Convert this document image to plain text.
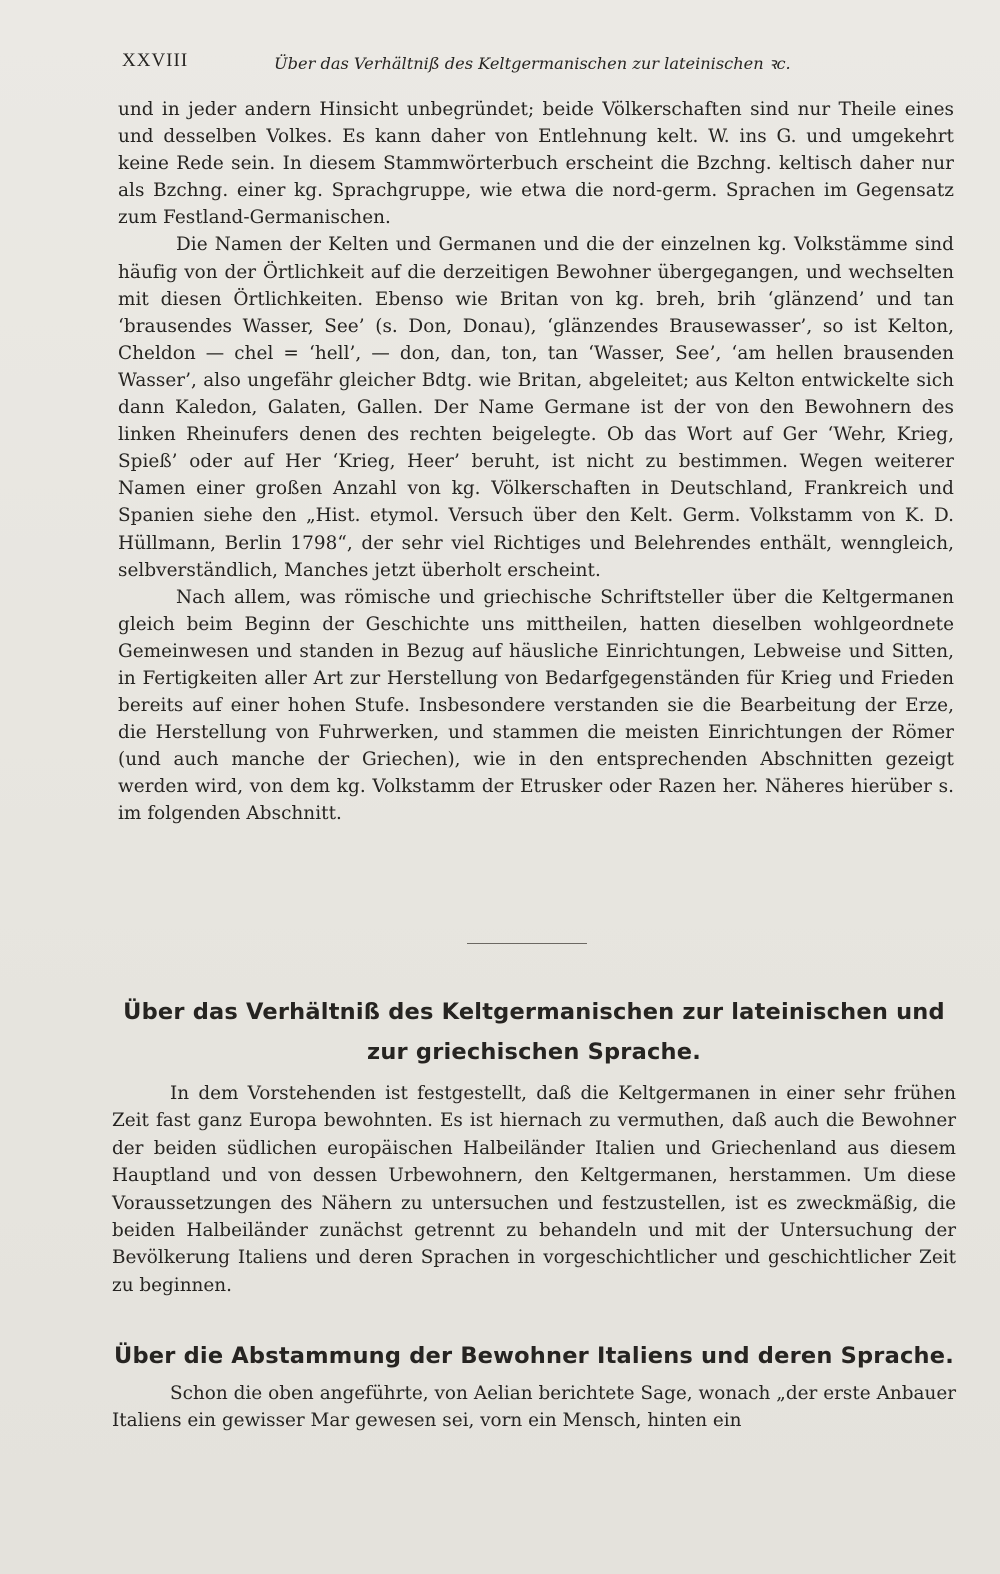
XXVIII	Über das Verhältniß des Keltgermanischen zur lateinischen ꝛc.

und in jeder andern Hinsicht unbegründet; beide Völkerschaften sind nur Theile eines und desselben Volkes. Es kann daher von Entlehnung kelt. W. ins G. und umgekehrt keine Rede sein. In diesem Stammwörterbuch erscheint die Bzchng. keltisch daher nur als Bzchng. einer kg. Sprachgruppe, wie etwa die nord-germ. Sprachen im Gegensatz zum Festland-Germanischen.

Die Namen der Kelten und Germanen und die der einzelnen kg. Volkstämme sind häufig von der Örtlichkeit auf die derzeitigen Bewohner übergegangen, und wechselten mit diesen Örtlichkeiten. Ebenso wie Britan von kg. breh, brih ‘glänzend’ und tan ‘brausendes Wasser, See’ (s. Don, Donau), ‘glänzendes Brausewasser’, so ist Kelton, Cheldon — chel = ‘hell’, — don, dan, ton, tan ‘Wasser, See’, ‘am hellen brausenden Wasser’, also ungefähr gleicher Bdtg. wie Britan, abgeleitet; aus Kelton entwickelte sich dann Kaledon, Galaten, Gallen. Der Name Germane ist der von den Bewohnern des linken Rheinufers denen des rechten beigelegte. Ob das Wort auf Ger ‘Wehr, Krieg, Spieß’ oder auf Her ‘Krieg, Heer’ beruht, ist nicht zu bestimmen. Wegen weiterer Namen einer großen Anzahl von kg. Völkerschaften in Deutschland, Frankreich und Spanien siehe den „Hist. etymol. Versuch über den Kelt. Germ. Volkstamm von K. D. Hüllmann, Berlin 1798“, der sehr viel Richtiges und Belehrendes enthält, wenngleich, selbverständlich, Manches jetzt überholt erscheint.

Nach allem, was römische und griechische Schriftsteller über die Keltgermanen gleich beim Beginn der Geschichte uns mittheilen, hatten dieselben wohlgeordnete Gemeinwesen und standen in Bezug auf häusliche Einrichtungen, Lebweise und Sitten, in Fertigkeiten aller Art zur Herstellung von Bedarfgegenständen für Krieg und Frieden bereits auf einer hohen Stufe. Insbesondere verstanden sie die Bearbeitung der Erze, die Herstellung von Fuhrwerken, und stammen die meisten Einrichtungen der Römer (und auch manche der Griechen), wie in den entsprechenden Abschnitten gezeigt werden wird, von dem kg. Volkstamm der Etrusker oder Razen her. Näheres hierüber s. im folgenden Abschnitt.

Über das Verhältniß des Keltgermanischen zur lateinischen und zur griechischen Sprache.

In dem Vorstehenden ist festgestellt, daß die Keltgermanen in einer sehr frühen Zeit fast ganz Europa bewohnten. Es ist hiernach zu vermuthen, daß auch die Bewohner der beiden südlichen europäischen Halbeiländer Italien und Griechenland aus diesem Hauptland und von dessen Urbewohnern, den Keltgermanen, herstammen. Um diese Voraussetzungen des Nähern zu untersuchen und festzustellen, ist es zweckmäßig, die beiden Halbeiländer zunächst getrennt zu behandeln und mit der Untersuchung der Bevölkerung Italiens und deren Sprachen in vorgeschichtlicher und geschichtlicher Zeit zu beginnen.

Über die Abstammung der Bewohner Italiens und deren Sprache.

Schon die oben angeführte, von Aelian berichtete Sage, wonach „der erste Anbauer Italiens ein gewisser Mar gewesen sei, vorn ein Mensch, hinten ein
